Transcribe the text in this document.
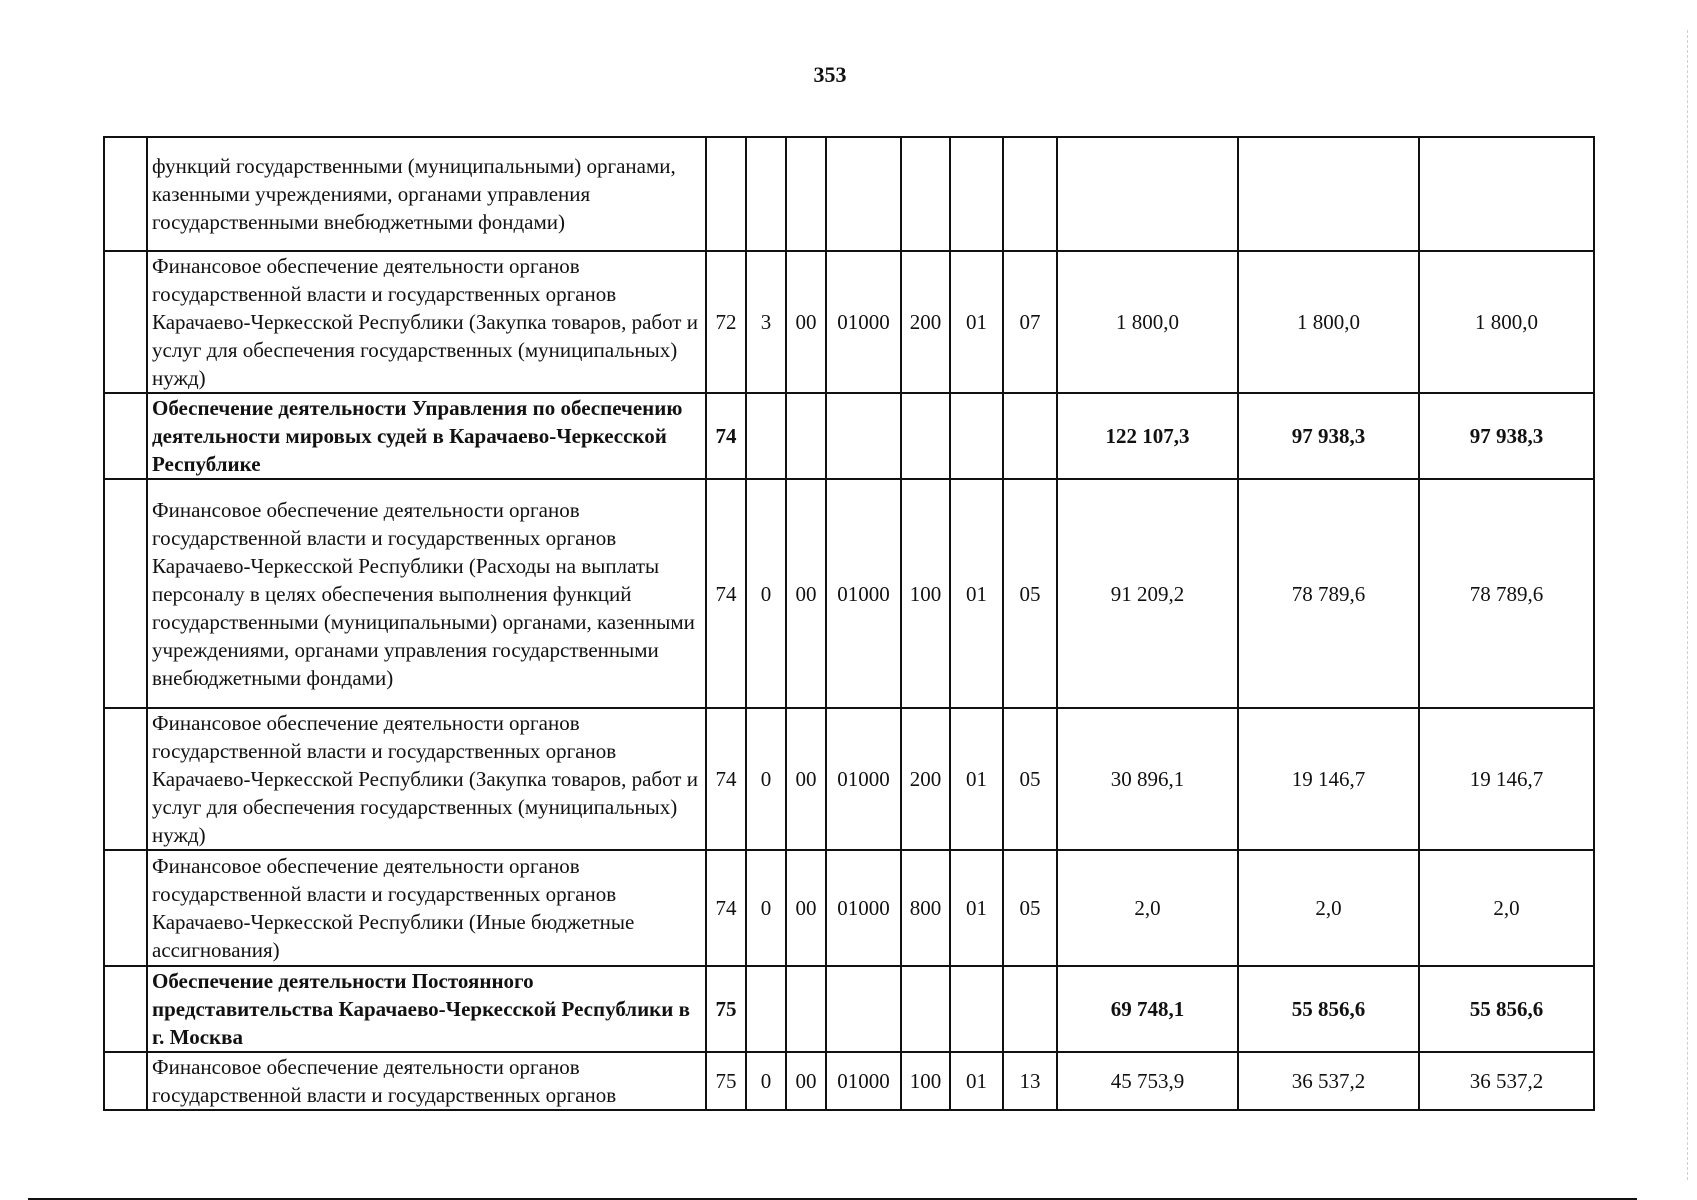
353
	функций государственными (муниципальными) органами, казенными учреждениями, органами управления государственными внебюджетными фондами)										
	Финансовое обеспечение деятельности органов государственной власти и государственных органов Карачаево-Черкесской Республики (Закупка товаров, работ и услуг для обеспечения государственных (муниципальных) нужд)	72	3	00	01000	200	01	07	1 800,0	1 800,0	1 800,0
	Обеспечение деятельности Управления по обеспечению деятельности мировых судей в Карачаево-Черкесской Республике	74							122 107,3	97 938,3	97 938,3
	Финансовое обеспечение деятельности органов государственной власти и государственных органов Карачаево-Черкесской Республики (Расходы на выплаты персоналу в целях обеспечения выполнения функций государственными (муниципальными) органами, казенными учреждениями, органами управления государственными внебюджетными фондами)	74	0	00	01000	100	01	05	91 209,2	78 789,6	78 789,6
	Финансовое обеспечение деятельности органов государственной власти и государственных органов Карачаево-Черкесской Республики (Закупка товаров, работ и услуг для обеспечения государственных (муниципальных) нужд)	74	0	00	01000	200	01	05	30 896,1	19 146,7	19 146,7
	Финансовое обеспечение деятельности органов государственной власти и государственных органов Карачаево-Черкесской Республики (Иные бюджетные ассигнования)	74	0	00	01000	800	01	05	2,0	2,0	2,0
	Обеспечение деятельности Постоянного представительства Карачаево-Черкесской Республики в г. Москва	75							69 748,1	55 856,6	55 856,6
	Финансовое обеспечение деятельности органов государственной власти и государственных органов	75	0	00	01000	100	01	13	45 753,9	36 537,2	36 537,2
